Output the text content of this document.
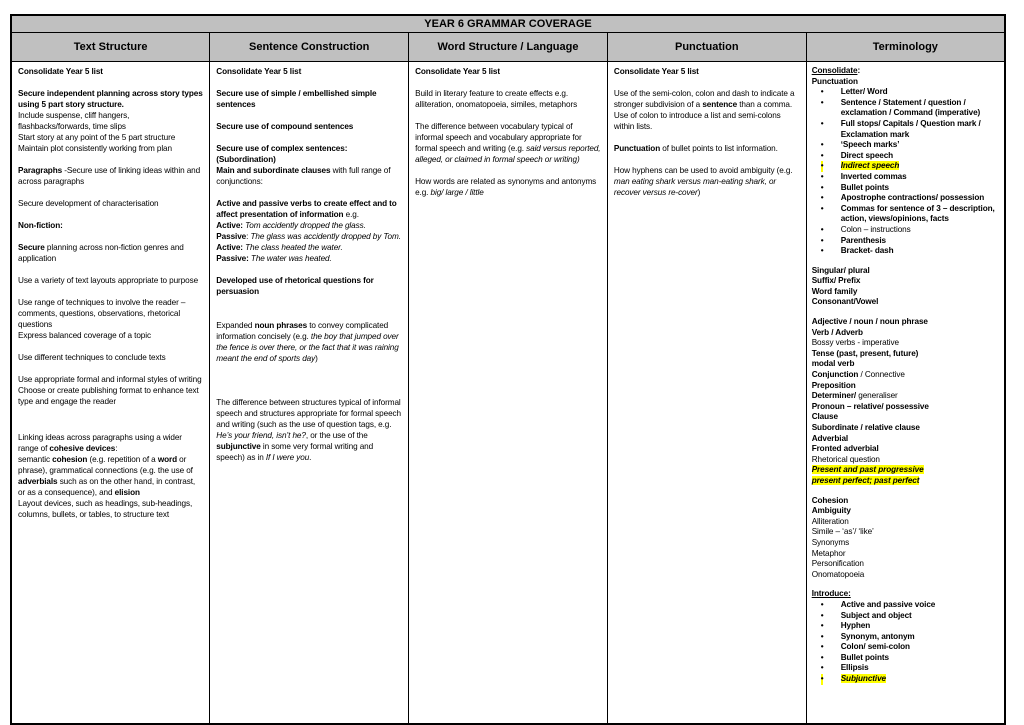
YEAR 6 GRAMMAR COVERAGE				
Text Structure	Sentence Construction	Word Structure / Language	Punctuation	Terminology

Consolidate Year 5 list
Secure independent planning across story types using 5 part story structure.
Include suspense, cliff hangers, flashbacks/forwards, time slips
Start story at any point of the 5 part structure
Maintain plot consistently working from plan
Paragraphs -Secure use of linking ideas within and across paragraphs
Secure development of characterisation
Non-fiction:
Secure planning across non-fiction genres and application
Use a variety of text layouts appropriate to purpose
Use range of techniques to involve the reader – comments, questions, observations, rhetorical questions
Express balanced coverage of a topic
Use different techniques to conclude texts
Use appropriate formal and informal styles of writing
Choose or create publishing format to enhance text type and engage the reader
Linking ideas across paragraphs using a wider range of cohesive devices:
semantic cohesion (e.g. repetition of a word or phrase), grammatical connections (e.g. the use of adverbials such as on the other hand, in contrast, or as a consequence), and elision
Layout devices, such as headings, sub-headings, columns, bullets, or tables, to structure text

Consolidate Year 5 list
Secure use of simple / embellished simple sentences
Secure use of compound sentences
Secure use of complex sentences:
(Subordination)
Main and subordinate clauses with full range of conjunctions:
Active and passive verbs to create effect and to affect presentation of information e.g.
Active: Tom accidently dropped the glass.
Passive: The glass was accidently dropped by Tom.
Active: The class heated the water.
Passive: The water was heated.
Developed use of rhetorical questions for persuasion
Expanded noun phrases to convey complicated information concisely (e.g. the boy that jumped over the fence is over there, or the fact that it was raining meant the end of sports day)
The difference between structures typical of informal speech and structures appropriate for formal speech and writing (such as the use of question tags, e.g. He’s your friend, isn’t he?, or the use of the subjunctive in some very formal writing and speech) as in If I were you.

Consolidate Year 5 list
Build in literary feature to create effects e.g. alliteration, onomatopoeia, similes, metaphors
The difference between vocabulary typical of informal speech and vocabulary appropriate for formal speech and writing (e.g. said versus reported, alleged, or claimed in formal speech or writing)
How words are related as synonyms and antonyms e.g. big/ large / little

Consolidate Year 5 list
Use of the semi-colon, colon and dash to indicate a stronger subdivision of a sentence than a comma. Use of colon to introduce a list and semi-colons within lists.
Punctuation of bullet points to list information.
How hyphens can be used to avoid ambiguity (e.g. man eating shark versus man-eating shark, or recover versus re-cover)

Consolidate:
Punctuation
• Letter/ Word
• Sentence / Statement / question / exclamation / Command (imperative)
• Full stops/ Capitals / Question mark / Exclamation mark
• ‘Speech marks’
• Direct speech
• Indirect speech
• Inverted commas
• Bullet points
• Apostrophe contractions/ possession
• Commas for sentence of 3 – description, action, views/opinions, facts
• Colon – instructions
• Parenthesis
• Bracket- dash
Singular/ plural
Suffix/ Prefix
Word family
Consonant/Vowel
Adjective / noun / noun phrase
Verb / Adverb
Bossy verbs - imperative
Tense (past, present, future)
modal verb
Conjunction / Connective
Preposition
Determiner/ generaliser
Pronoun – relative/ possessive
Clause
Subordinate / relative clause
Adverbial
Fronted adverbial
Rhetorical question
Present and past progressive
present perfect; past perfect
Cohesion
Ambiguity
Alliteration
Simile – ‘as’/ ‘like’
Synonyms
Metaphor
Personification
Onomatopoeia
Introduce:
• Active and passive voice
• Subject and object
• Hyphen
• Synonym, antonym
• Colon/ semi-colon
• Bullet points
• Ellipsis
• Subjunctive
